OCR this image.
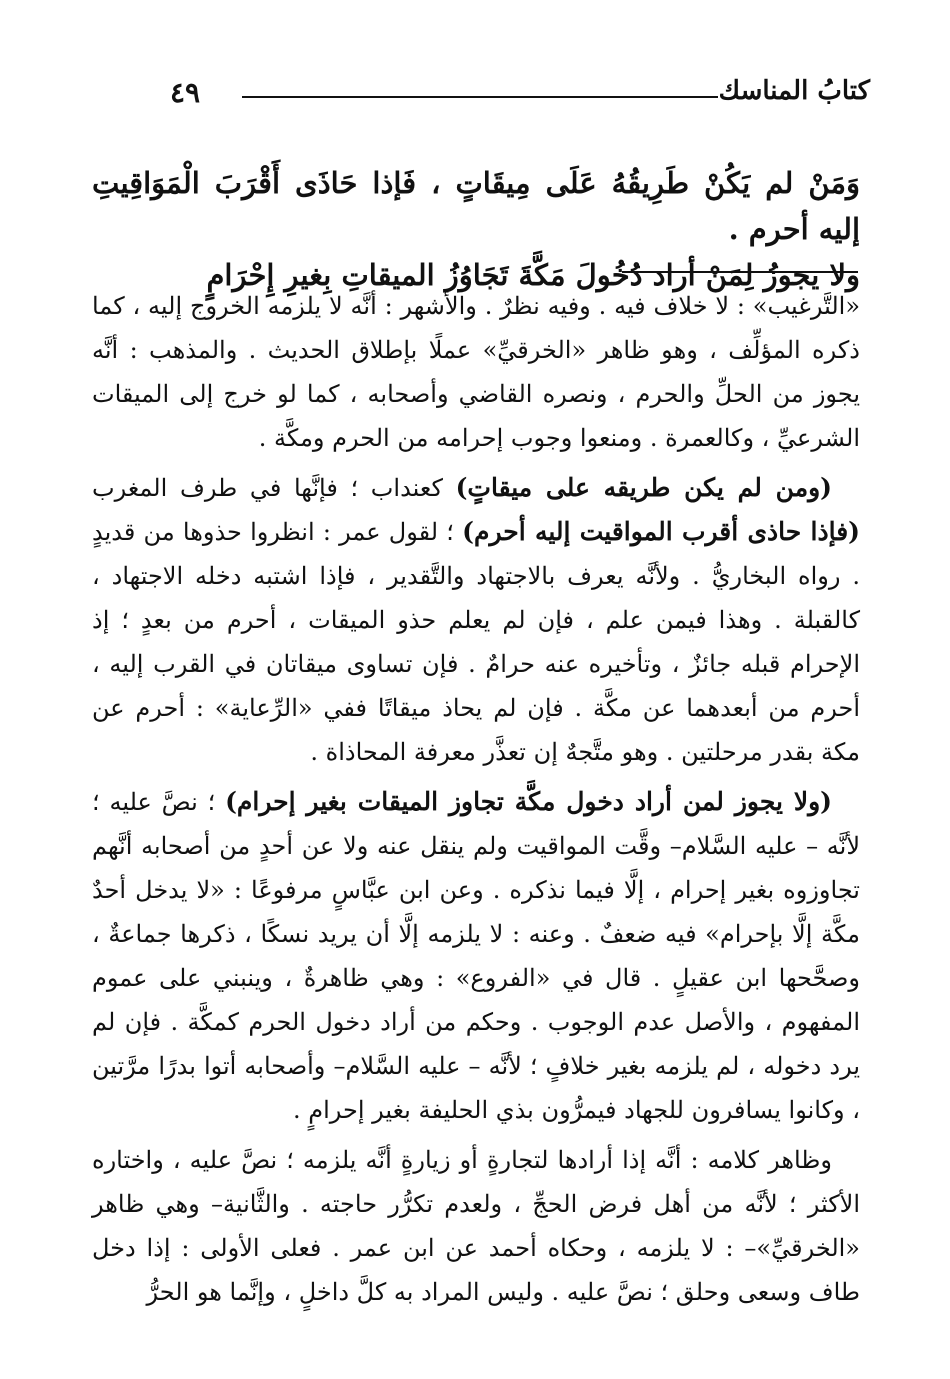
٤٩	كتابُ المناسك

وَمَنْ لم يَكُنْ طَرِيقُهُ عَلَى مِيقَاتٍ ، فَإذا حَاذَى أَقْرَبَ الْمَوَاقِيتِ إليه أحرم .

ولا يجوزُ لِمَنْ أراد دُخُولَ مَكَّةَ تَجَاوُزُ الميقاتِ بِغيرِ إِحْرَامٍ

«التَّرغيب» : لا خلاف فيه . وفيه نظرٌ . والأشهر : أنَّه لا يلزمه الخروج إليه ، كما ذكره المؤلِّف ، وهو ظاهر «الخرقيِّ» عملًا بإطلاق الحديث . والمذهب : أنَّه يجوز من الحلِّ والحرم ، ونصره القاضي وأصحابه ، كما لو خرج إلى الميقات الشرعيِّ ، وكالعمرة . ومنعوا وجوب إحرامه من الحرم ومكَّة .

(ومن لم يكن طريقه على ميقاتٍ) كعنداب ؛ فإنَّها في طرف المغرب (فإذا حاذى أقرب المواقيت إليه أحرم) ؛ لقول عمر : انظروا حذوها من قديدٍ . رواه البخاريُّ . ولأنَّه يعرف بالاجتهاد والتَّقدير ، فإذا اشتبه دخله الاجتهاد ، كالقبلة . وهذا فيمن علم ، فإن لم يعلم حذو الميقات ، أحرم من بعدٍ ؛ إذ الإحرام قبله جائزٌ ، وتأخيره عنه حرامٌ . فإن تساوى ميقاتان في القرب إليه ، أحرم من أبعدهما عن مكَّة . فإن لم يحاذ ميقاتًا ففي «الرِّعاية» : أحرم عن مكة بقدر مرحلتين . وهو متَّجهٌ إن تعذَّر معرفة المحاذاة .

(ولا يجوز لمن أراد دخول مكَّة تجاوز الميقات بغير إحرام) ؛ نصَّ عليه ؛ لأنَّه – عليه السَّلام– وقَّت المواقيت ولم ينقل عنه ولا عن أحدٍ من أصحابه أنَّهم تجاوزوه بغير إحرام ، إلَّا فيما نذكره . وعن ابن عبَّاسٍ مرفوعًا : «لا يدخل أحدٌ مكَّة إلَّا بإحرام» فيه ضعفٌ . وعنه : لا يلزمه إلَّا أن يريد نسكًا ، ذكرها جماعةٌ ، وصحَّحها ابن عقيلٍ . قال في «الفروع» : وهي ظاهرةٌ ، وينبني على عموم المفهوم ، والأصل عدم الوجوب . وحكم من أراد دخول الحرم كمكَّة . فإن لم يرد دخوله ، لم يلزمه بغير خلافٍ ؛ لأنَّه – عليه السَّلام– وأصحابه أتوا بدرًا مرَّتين ، وكانوا يسافرون للجهاد فيمرُّون بذي الحليفة بغير إحرامٍ .

وظاهر كلامه : أنَّه إذا أرادها لتجارةٍ أو زيارةٍ أنَّه يلزمه ؛ نصَّ عليه ، واختاره الأكثر ؛ لأنَّه من أهل فرض الحجِّ ، ولعدم تكرُّر حاجته . والثَّانية– وهي ظاهر «الخرقيِّ»– : لا يلزمه ، وحكاه أحمد عن ابن عمر . فعلى الأولى : إذا دخل طاف وسعى وحلق ؛ نصَّ عليه . وليس المراد به كلَّ داخلٍ ، وإنَّما هو الحرُّ
